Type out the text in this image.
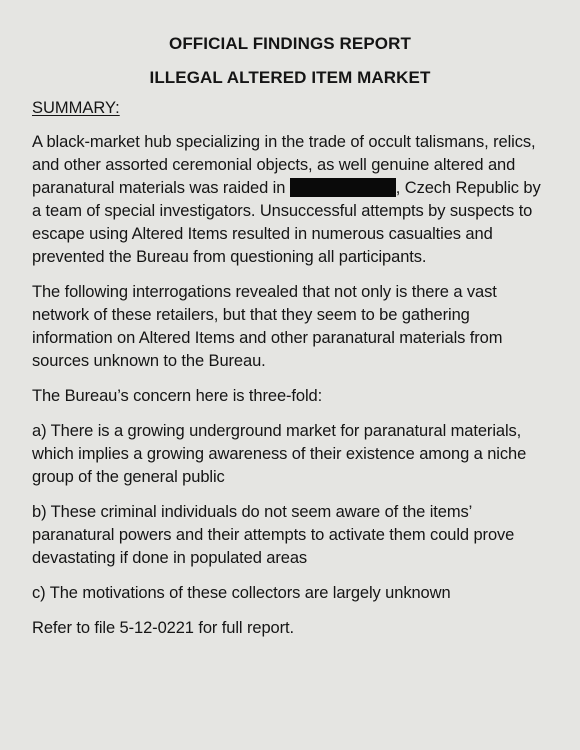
OFFICIAL FINDINGS REPORT
ILLEGAL ALTERED ITEM MARKET
SUMMARY:

A black-market hub specializing in the trade of occult talismans, relics, and other assorted ceremonial objects, as well genuine altered and paranatural materials was raided in	, Czech Republic by a team of special investigators. Unsuccessful attempts by suspects to escape using Altered Items resulted in numerous casualties and prevented the Bureau from questioning all participants.

The following interrogations revealed that not only is there a vast network of these retailers, but that they seem to be gathering information on Altered Items and other paranatural materials from sources unknown to the Bureau.

The Bureau’s concern here is three-fold:

a) There is a growing underground market for paranatural materials, which implies a growing awareness of their existence among a niche group of the general public

b) These criminal individuals do not seem aware of the items’ paranatural powers and their attempts to activate them could prove devastating if done in populated areas

c) The motivations of these collectors are largely unknown

Refer to file 5-12-0221 for full report.
